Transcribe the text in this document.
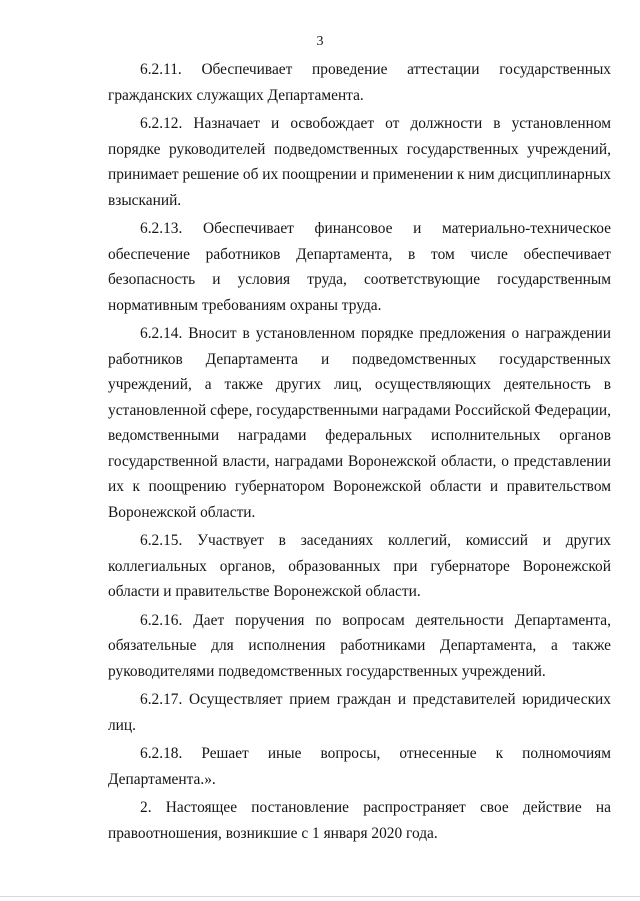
3

6.2.11. Обеспечивает проведение аттестации государственных гражданских служащих Департамента.

6.2.12. Назначает и освобождает от должности в установленном порядке руководителей подведомственных государственных учреждений, принимает решение об их поощрении и применении к ним дисциплинарных взысканий.

6.2.13. Обеспечивает финансовое и материально-техническое обеспечение работников Департамента, в том числе обеспечивает безопасность и условия труда, соответствующие государственным нормативным требованиям охраны труда.

6.2.14. Вносит в установленном порядке предложения о награждении работников Департамента и подведомственных государственных учреждений, а также других лиц, осуществляющих деятельность в установленной сфере, государственными наградами Российской Федерации, ведомственными наградами федеральных исполнительных органов государственной власти, наградами Воронежской области, о представлении их к поощрению губернатором Воронежской области и правительством Воронежской области.

6.2.15. Участвует в заседаниях коллегий, комиссий и других коллегиальных органов, образованных при губернаторе Воронежской области и правительстве Воронежской области.

6.2.16. Дает поручения по вопросам деятельности Департамента, обязательные для исполнения работниками Департамента, а также руководителями подведомственных государственных учреждений.

6.2.17. Осуществляет прием граждан и представителей юридических лиц.

6.2.18. Решает иные вопросы, отнесенные к полномочиям Департамента.».

2. Настоящее постановление распространяет свое действие на правоотношения, возникшие с 1 января 2020 года.
